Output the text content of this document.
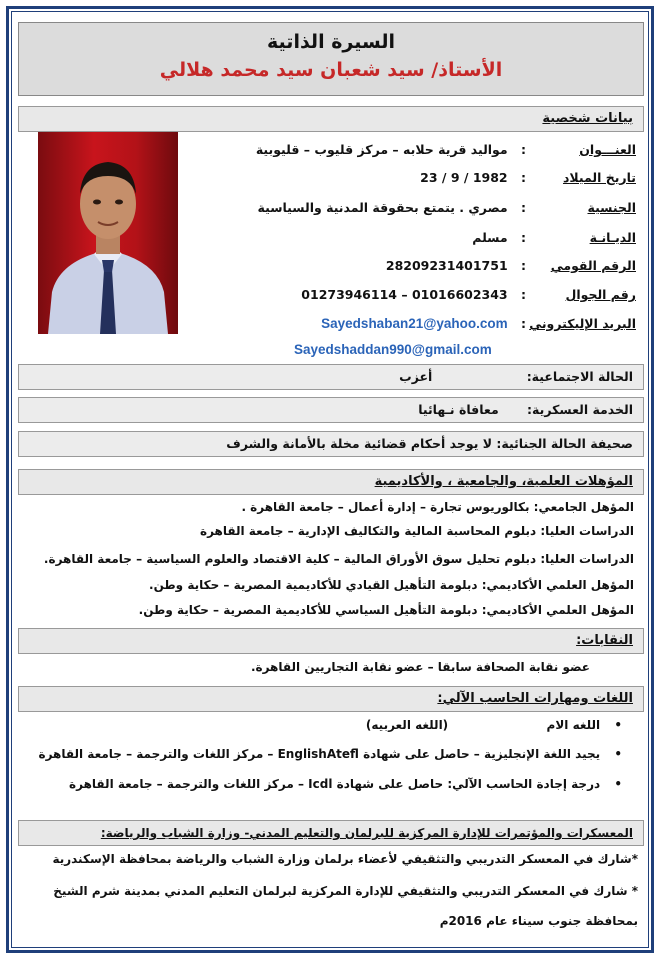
السيرة الذاتية
الأستاذ/ سيد شعبان سيد محمد هلالي
بيانات شخصية
العنـــوان: مواليد قرية حلابه – مركز قليوب – قليوبية
تاريخ الميلاد: 1982 / 9 / 23
الجنسية: مصري . يتمتع بحقوقة المدنية والسياسية
الديـانـة: مسلم
الرقم القومي: 28209231401751
رقم الجوال: 01016602343 – 01273946114
البريد الإليكتروني: Sayedshaban21@yahoo.com
Sayedshaddan990@gmail.com
الحالة الاجتماعية: أعزب
الخدمة العسكرية: معافاة نـهائيا
صحيفة الحالة الجنائية: لا يوجد أحكام قضائية مخلة بالأمانة والشرف
المؤهلات العلمية، والجامعية ، والأكاديمية
المؤهل الجامعي: بكالوريوس تجارة – إدارة أعمال – جامعة القاهرة .
الدراسات العليا: دبلوم المحاسبة المالية والتكاليف الإدارية – جامعة القاهرة
الدراسات العليا: دبلوم تحليل سوق الأوراق المالية – كلية الاقتصاد والعلوم السياسية – جامعة القاهرة.
المؤهل العلمي الأكاديمي: دبلومة التأهيل القيادي للأكاديمية المصرية – حكاية وطن.
المؤهل العلمي الأكاديمي: دبلومة التأهيل السياسي للأكاديمية المصرية – حكاية وطن.
النقابات:
عضو نقابة الصحافة سابقا – عضو نقابة التجاريين القاهرة.
اللغات ومهارات الحاسب الآلي:
• اللغه الام  (اللغه العربيه)
• يجيد اللغة الإنجليزية – حاصل على شهادة EnglishAtefl – مركز اللغات والترجمة – جامعة القاهرة
• درجة إجادة الحاسب الآلي: حاصل على شهادة Icdl – مركز اللغات والترجمة – جامعة القاهرة
المعسكرات والمؤتمرات للإدارة المركزية للبرلمان والتعليم المدني- وزارة الشباب والرياضة:
*شارك في المعسكر التدريبي والتثقيفي لأعضاء برلمان وزارة الشباب والرياضة بمحافظة الإسكندرية
* شارك في المعسكر التدريبي والتثقيفي للإدارة المركزية لبرلمان التعليم المدني بمدينة شرم الشيخ
بمحافظة جنوب سيناء عام 2016م
